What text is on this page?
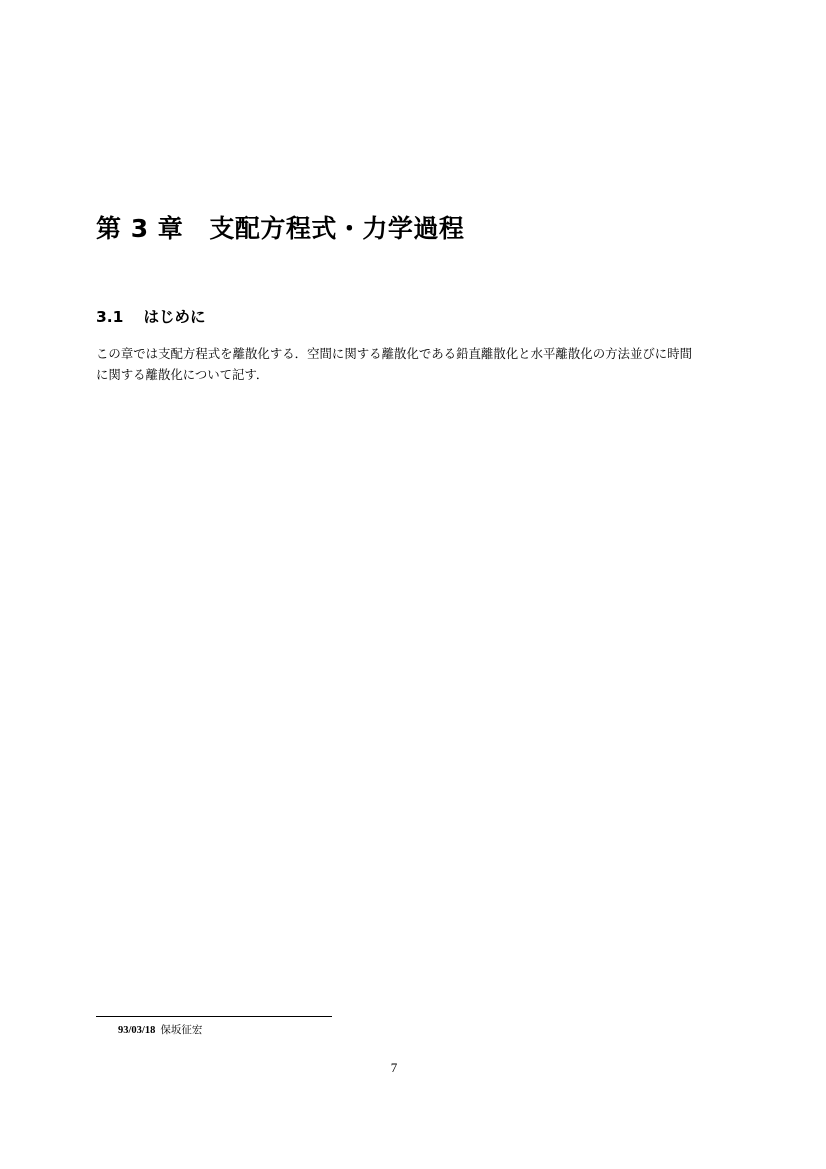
第 3 章 支配方程式・力学過程
3.1 はじめに

この章では支配方程式を離散化する．空間に関する離散化である鉛直離散化と水平離散化の方法並びに時間に関する離散化について記す．

93/03/18 保坂征宏
7
